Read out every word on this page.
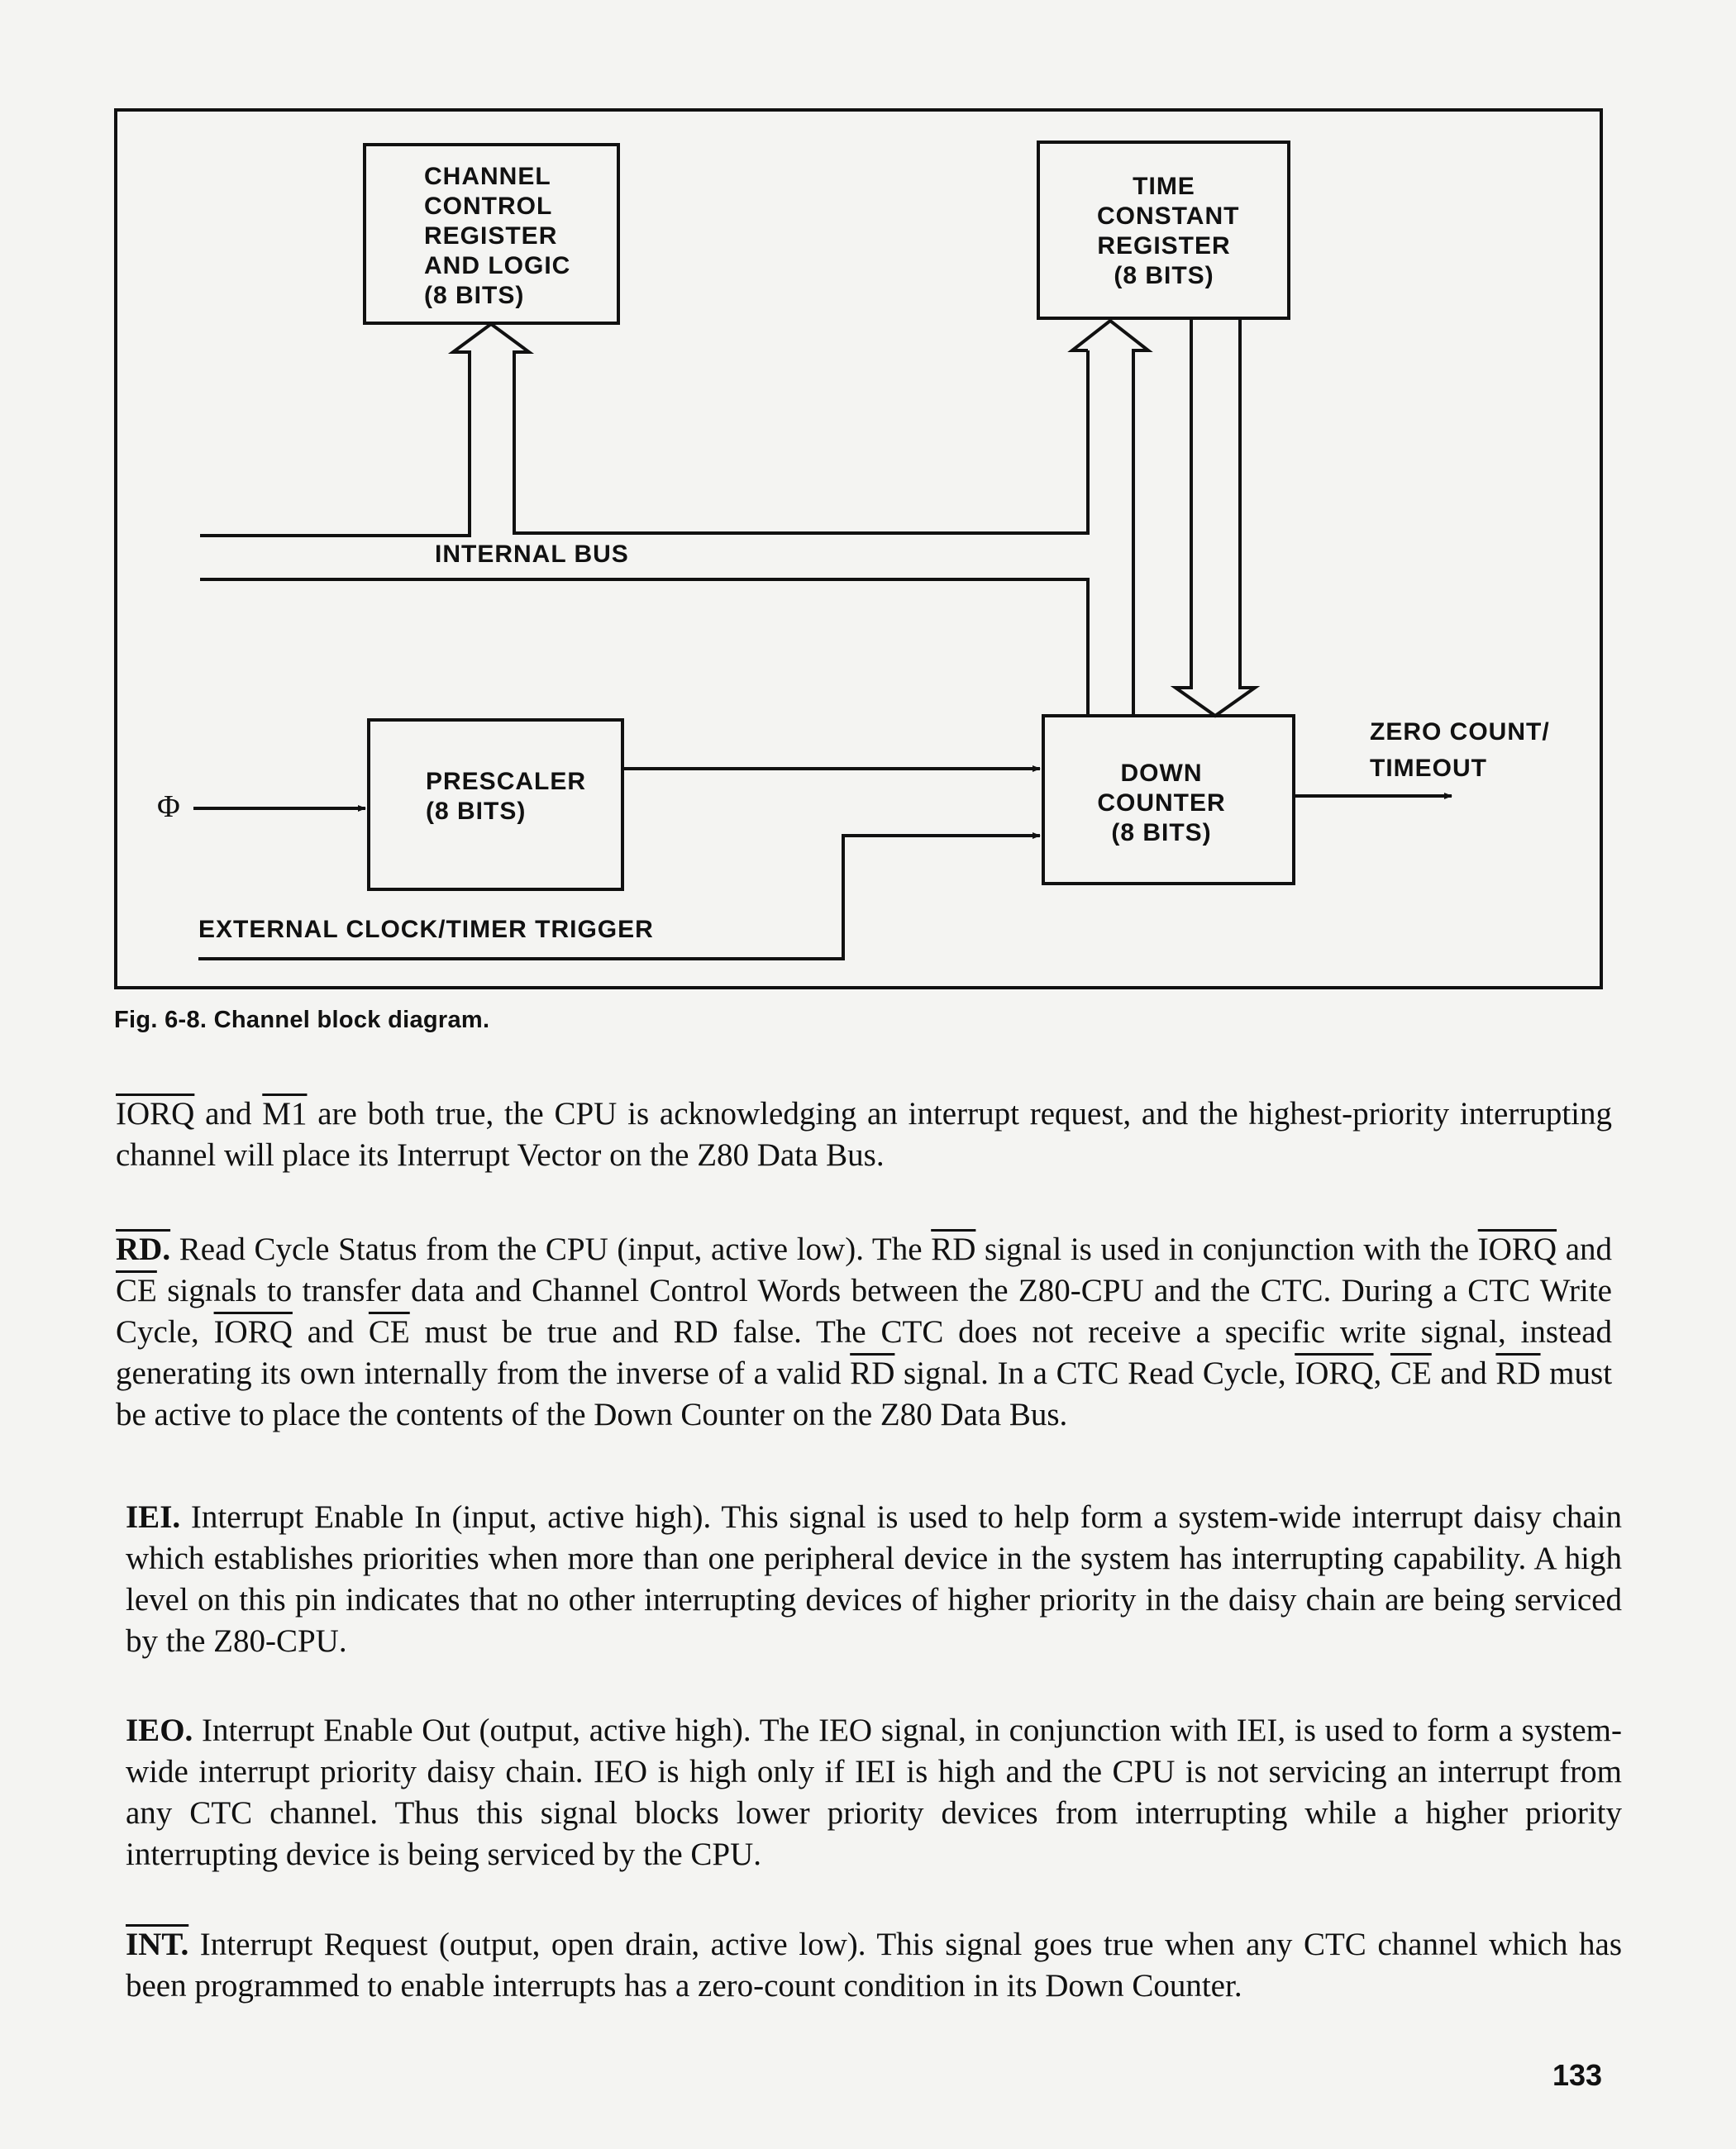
CHANNEL
CONTROL
REGISTER
AND LOGIC
(8 BITS)
TIME
CONSTANT
REGISTER
(8 BITS)
PRESCALER
(8 BITS)
DOWN
COUNTER
(8 BITS)
INTERNAL BUS
ZERO COUNT/
TIMEOUT
EXTERNAL CLOCK/TIMER TRIGGER
Φ
Fig. 6-8. Channel block diagram.

IORQ and M1 are both true, the CPU is acknowledging an interrupt request, and the highest-priority interrupting channel will place its Interrupt Vector on the Z80 Data Bus.

RD. Read Cycle Status from the CPU (input, active low). The $\overline{RD}$ signal is used in conjunction with the IORQ and $\overline{CE}$ signals to transfer data and Channel Control Words between the Z80-CPU and the CTC. During a CTC Write Cycle, IORQ and $\overline{CE}$ must be true and RD false. The CTC does not receive a specific write signal, instead generating its own internally from the inverse of a valid $\overline{RD}$ signal. In a CTC Read Cycle, IORQ, $\overline{CE}$ and $\overline{RD}$ must be active to place the contents of the Down Counter on the Z80 Data Bus.

IEI. Interrupt Enable In (input, active high). This signal is used to help form a system-wide interrupt daisy chain which establishes priorities when more than one peripheral device in the system has interrupting capability. A high level on this pin indicates that no other interrupting devices of higher priority in the daisy chain are being serviced by the Z80-CPU.

IEO. Interrupt Enable Out (output, active high). The IEO signal, in conjunction with IEI, is used to form a system-wide interrupt priority daisy chain. IEO is high only if IEI is high and the CPU is not servicing an interrupt from any CTC channel. Thus this signal blocks lower priority devices from interrupting while a higher priority interrupting device is being serviced by the CPU.

INT. Interrupt Request (output, open drain, active low). This signal goes true when any CTC channel which has been programmed to enable interrupts has a zero-count condition in its Down Counter.

133
